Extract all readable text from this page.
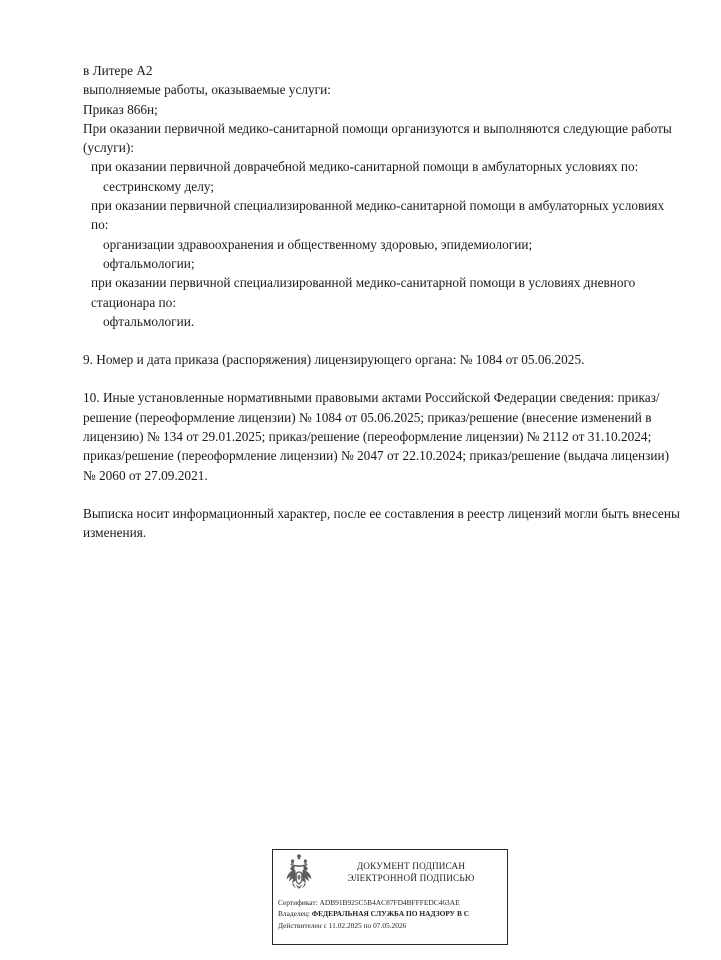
в Литере А2
выполняемые работы, оказываемые услуги:
Приказ 866н;
При оказании первичной медико-санитарной помощи организуются и выполняются следующие работы (услуги):
при оказании первичной доврачебной медико-санитарной помощи в амбулаторных условиях по:
сестринскому делу;
при оказании первичной специализированной медико-санитарной помощи в амбулаторных условиях по:
организации здравоохранения и общественному здоровью, эпидемиологии;
офтальмологии;
при оказании первичной специализированной медико-санитарной помощи в условиях дневного стационара по:
офтальмологии.
9. Номер и дата приказа (распоряжения) лицензирующего органа: № 1084 от 05.06.2025.
10. Иные установленные нормативными правовыми актами Российской Федерации сведения: приказ/решение (переоформление лицензии) № 1084 от 05.06.2025; приказ/решение (внесение изменений в лицензию) № 134 от 29.01.2025; приказ/решение (переоформление лицензии) № 2112 от 31.10.2024; приказ/решение (переоформление лицензии) № 2047 от 22.10.2024; приказ/решение (выдача лицензии) № 2060 от 27.09.2021.
Выписка носит информационный характер, после ее составления в реестр лицензий могли быть внесены изменения.
ДОКУМЕНТ ПОДПИСАН
ЭЛЕКТРОННОЙ ПОДПИСЬЮ
Сертификат: ADB91B925C5B4AC87FD4BFFFEDC463AE
Владелец: ФЕДЕРАЛЬНАЯ СЛУЖБА ПО НАДЗОРУ В С
Действителен с 11.02.2025 по 07.05.2026
